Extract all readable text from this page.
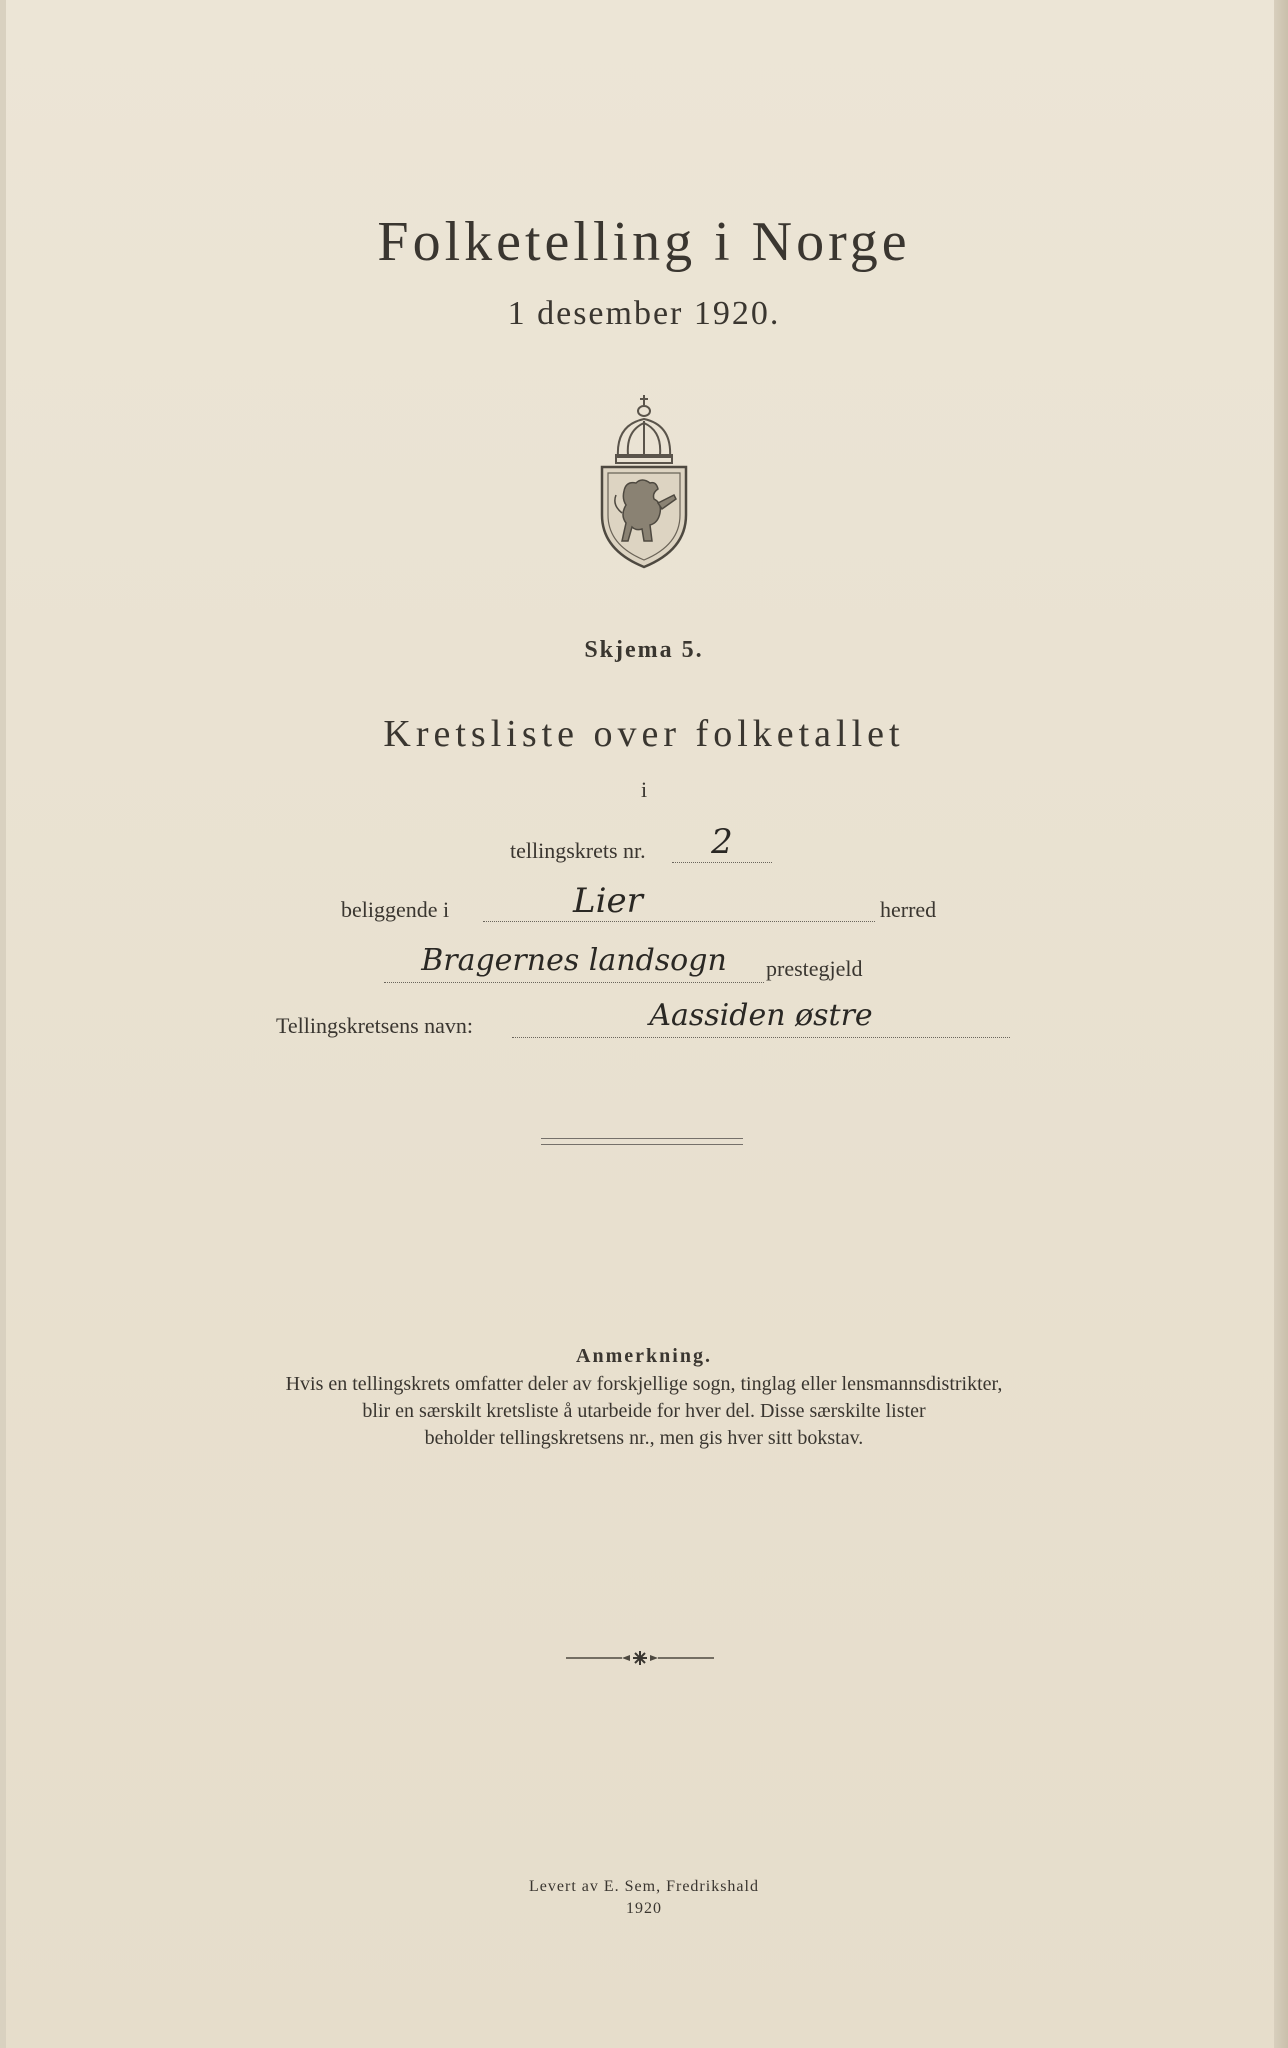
Folketelling i Norge
1 desember 1920.
Skjema 5.
Kretsliste over folketallet
i
tellingskrets nr.	2
beliggende i	Lier	herred
Bragernes landsogn	prestegjeld
Tellingskretsens navn:	Aassiden østre
Anmerkning.
Hvis en tellingskrets omfatter deler av forskjellige sogn, tinglag eller lensmannsdistrikter,
blir en særskilt kretsliste å utarbeide for hver del. Disse særskilte lister
beholder tellingskretsens nr., men gis hver sitt bokstav.
Levert av E. Sem, Fredrikshald
1920
